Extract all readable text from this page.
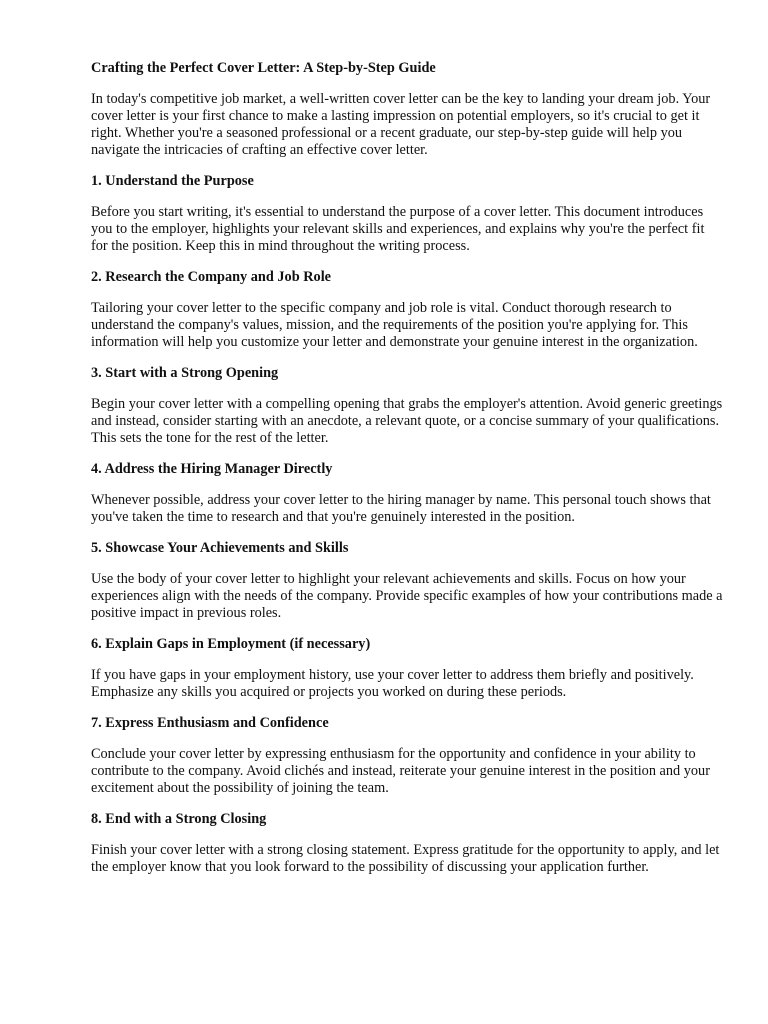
Crafting the Perfect Cover Letter: A Step-by-Step Guide

In today's competitive job market, a well-written cover letter can be the key to landing your dream job. Your cover letter is your first chance to make a lasting impression on potential employers, so it's crucial to get it right. Whether you're a seasoned professional or a recent graduate, our step-by-step guide will help you navigate the intricacies of crafting an effective cover letter.

1. Understand the Purpose

Before you start writing, it's essential to understand the purpose of a cover letter. This document introduces you to the employer, highlights your relevant skills and experiences, and explains why you're the perfect fit for the position. Keep this in mind throughout the writing process.

2. Research the Company and Job Role

Tailoring your cover letter to the specific company and job role is vital. Conduct thorough research to understand the company's values, mission, and the requirements of the position you're applying for. This information will help you customize your letter and demonstrate your genuine interest in the organization.

3. Start with a Strong Opening

Begin your cover letter with a compelling opening that grabs the employer's attention. Avoid generic greetings and instead, consider starting with an anecdote, a relevant quote, or a concise summary of your qualifications. This sets the tone for the rest of the letter.

4. Address the Hiring Manager Directly

Whenever possible, address your cover letter to the hiring manager by name. This personal touch shows that you've taken the time to research and that you're genuinely interested in the position.

5. Showcase Your Achievements and Skills

Use the body of your cover letter to highlight your relevant achievements and skills. Focus on how your experiences align with the needs of the company. Provide specific examples of how your contributions made a positive impact in previous roles.

6. Explain Gaps in Employment (if necessary)

If you have gaps in your employment history, use your cover letter to address them briefly and positively. Emphasize any skills you acquired or projects you worked on during these periods.

7. Express Enthusiasm and Confidence

Conclude your cover letter by expressing enthusiasm for the opportunity and confidence in your ability to contribute to the company. Avoid clichés and instead, reiterate your genuine interest in the position and your excitement about the possibility of joining the team.

8. End with a Strong Closing

Finish your cover letter with a strong closing statement. Express gratitude for the opportunity to apply, and let the employer know that you look forward to the possibility of discussing your application further.
